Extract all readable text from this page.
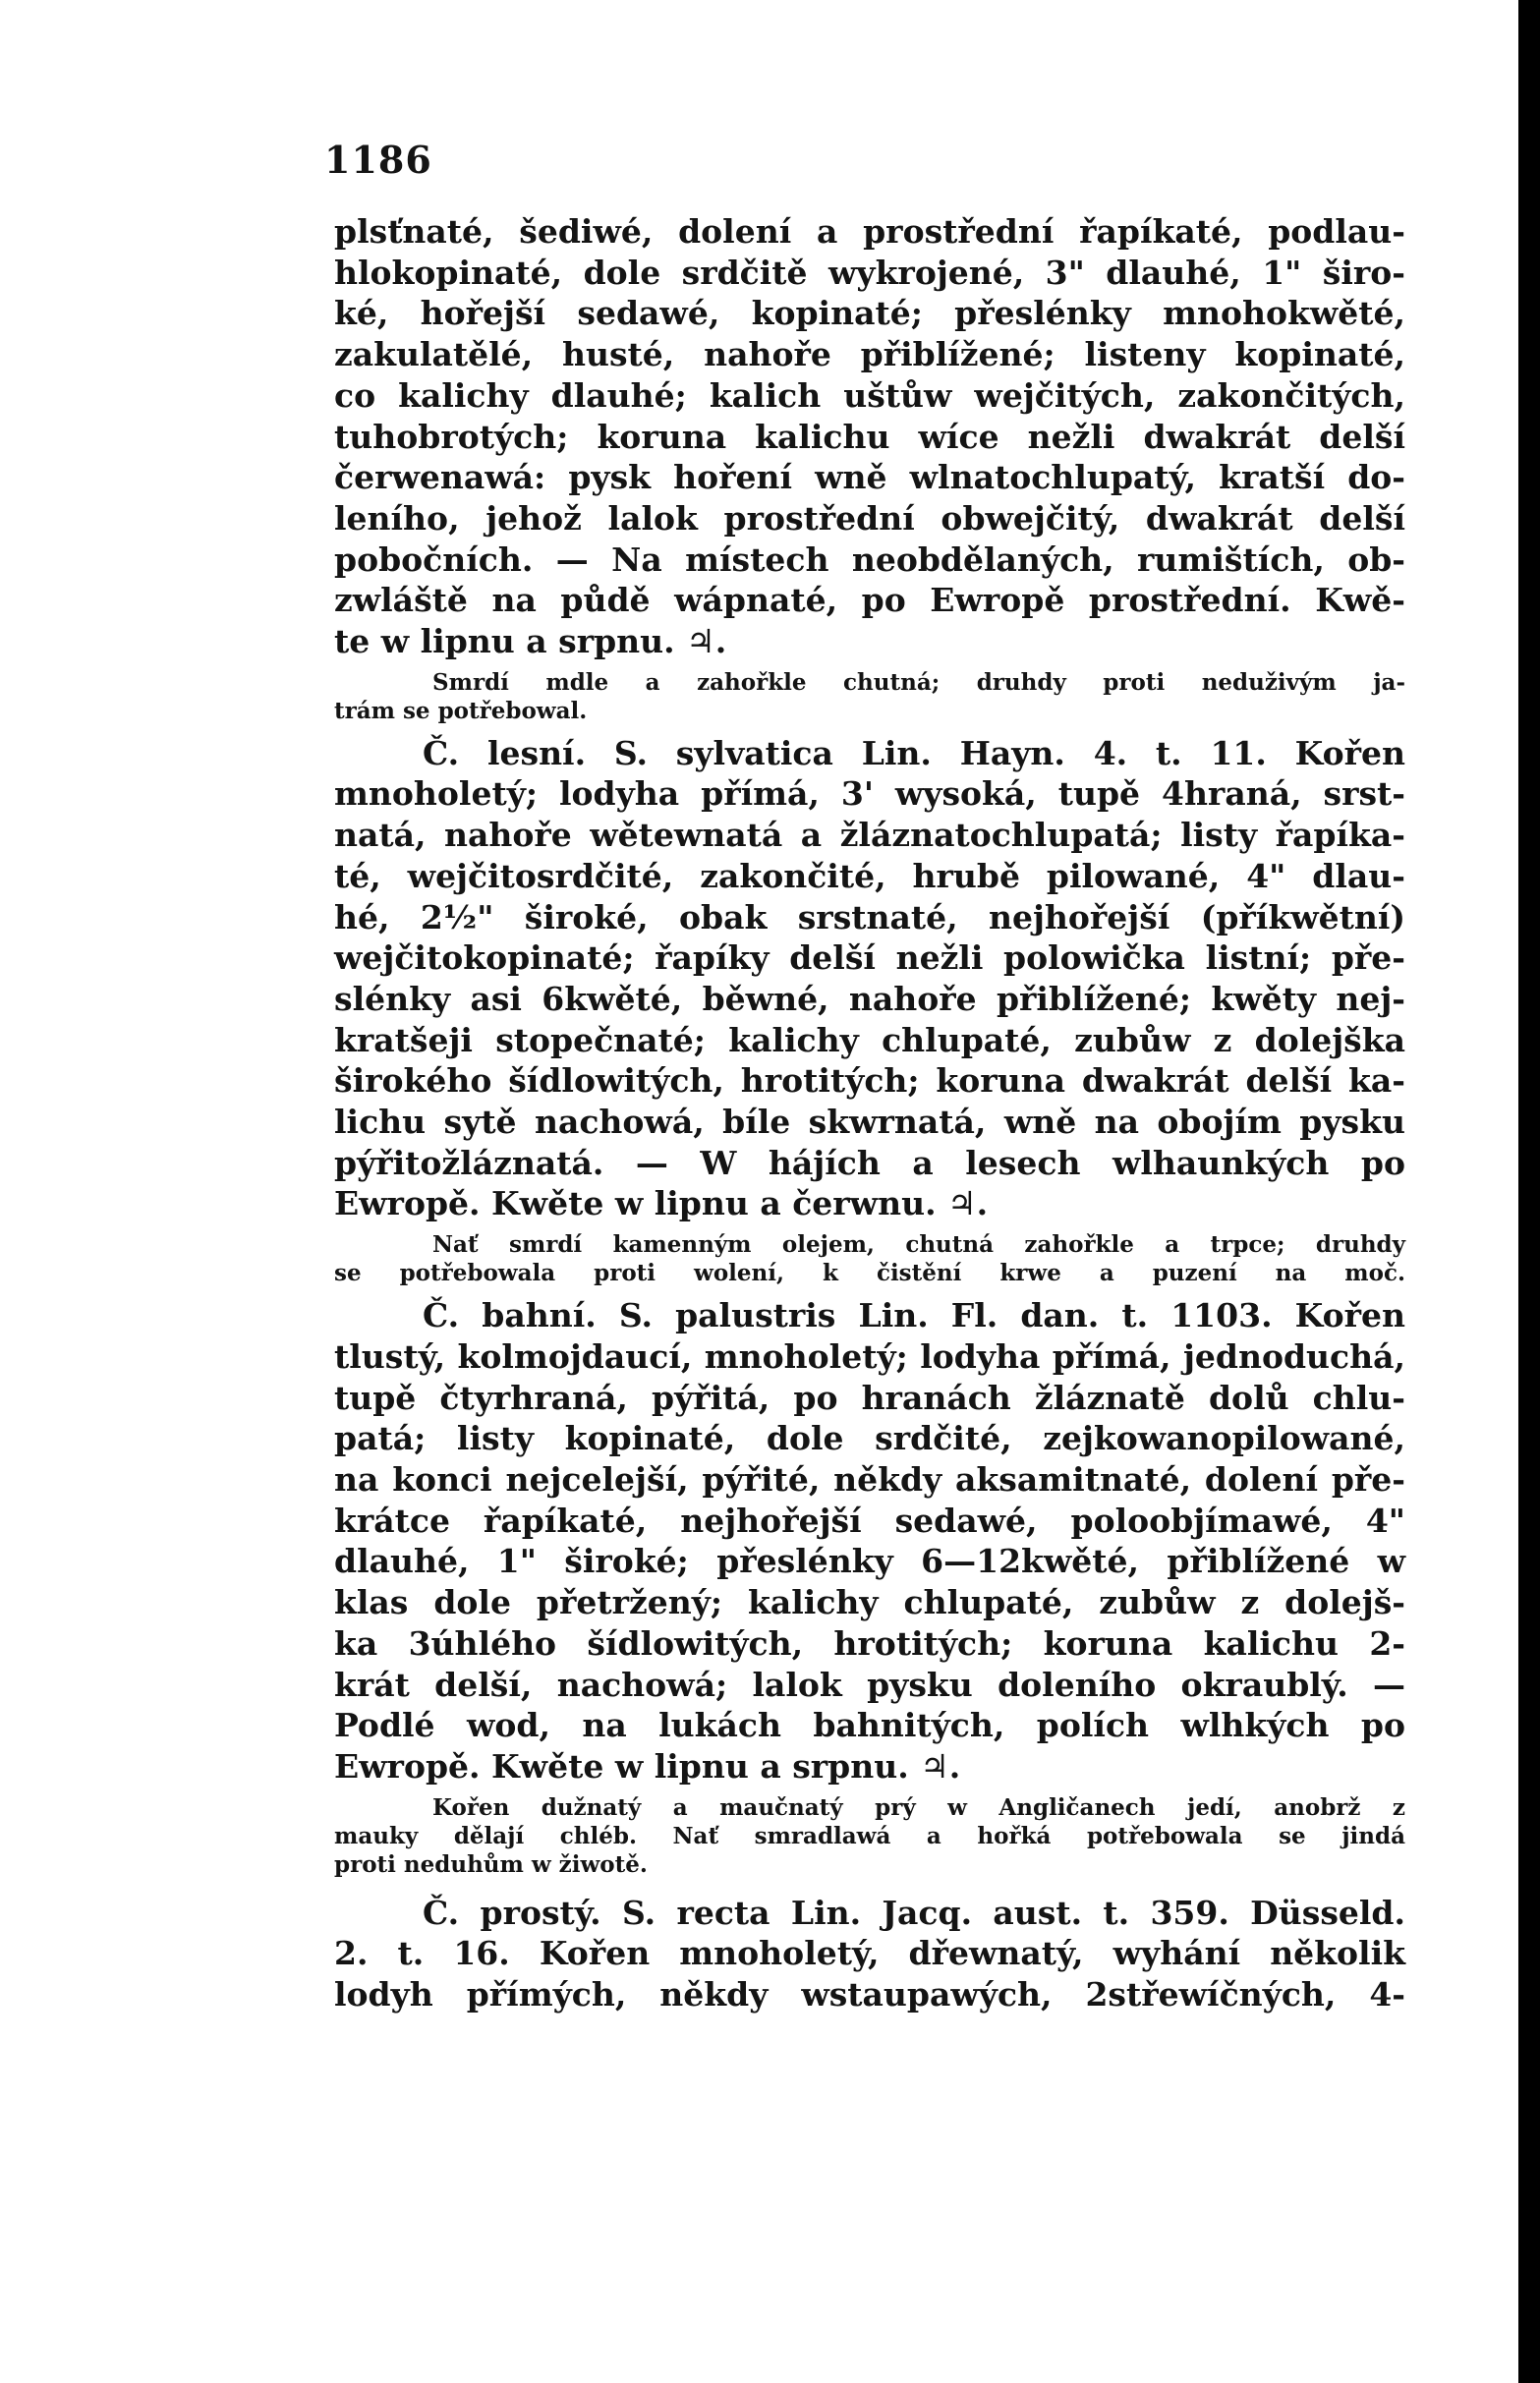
1186

plsťnaté, šediwé, dolení a prostřední řapíkaté, podlau-
hlokopinaté, dole srdčitě wykrojené, 3" dlauhé, 1" širo-
ké, hořejší sedawé, kopinaté; přeslénky mnohokwěté,
zakulatělé, husté, nahoře přiblížené; listeny kopinaté,
co kalichy dlauhé; kalich uštůw wejčitých, zakončitých,
tuhobrotých; koruna kalichu wíce nežli dwakrát delší
čerwenawá: pysk hoření wně wlnatochlupatý, kratší do-
leního, jehož lalok prostřední obwejčitý, dwakrát delší
pobočních. — Na místech neobdělaných, rumištích, ob-
zwláště na půdě wápnaté, po Ewropě prostřední. Kwě-
te w lipnu a srpnu. ♃.

Smrdí mdle a zahořkle chutná; druhdy proti neduživým ja-
trám se potřebowal.

Č. lesní. S. sylvatica Lin. Hayn. 4. t. 11. Kořen
mnoholetý; lodyha přímá, 3' wysoká, tupě 4hraná, srst-
natá, nahoře wětewnatá a žláznatochlupatá; listy řapíka-
té, wejčitosrdčité, zakončité, hrubě pilowané, 4" dlau-
hé, 2½" široké, obak srstnaté, nejhořejší (příkwětní)
wejčitokopinaté; řapíky delší nežli polowička listní; pře-
slénky asi 6kwěté, běwné, nahoře přiblížené; kwěty nej-
kratšeji stopečnaté; kalichy chlupaté, zubůw z dolejška
širokého šídlowitých, hrotitých; koruna dwakrát delší ka-
lichu sytě nachowá, bíle skwrnatá, wně na obojím pysku
pýřitožláznatá. — W hájích a lesech wlhaunkých po
Ewropě. Kwěte w lipnu a čerwnu. ♃.

Nať smrdí kamenným olejem, chutná zahořkle a trpce; druhdy
se potřebowala proti wolení, k čistění krwe a puzení na moč.

Č. bahní. S. palustris Lin. Fl. dan. t. 1103. Kořen
tlustý, kolmojdaucí, mnoholetý; lodyha přímá, jednoduchá,
tupě čtyrhraná, pýřitá, po hranách žláznatě dolů chlu-
patá; listy kopinaté, dole srdčité, zejkowanopilowané,
na konci nejcelejší, pýřité, někdy aksamitnaté, dolení pře-
krátce řapíkaté, nejhořejší sedawé, poloobjímawé, 4"
dlauhé, 1" široké; přeslénky 6—12kwěté, přiblížené w
klas dole přetržený; kalichy chlupaté, zubůw z dolejš-
ka 3úhlého šídlowitých, hrotitých; koruna kalichu 2-
krát delší, nachowá; lalok pysku doleního okraublý. —
Podlé wod, na lukách bahnitých, polích wlhkých po
Ewropě. Kwěte w lipnu a srpnu. ♃.

Kořen dužnatý a maučnatý prý w Angličanech jedí, anobrž z
mauky dělají chléb. Nať smradlawá a hořká potřebowala se jindá
proti neduhům w žiwotě.

Č. prostý. S. recta Lin. Jacq. aust. t. 359. Düsseld.
2. t. 16. Kořen mnoholetý, dřewnatý, wyhání několik
lodyh přímých, někdy wstaupawých, 2střewíčných, 4-
